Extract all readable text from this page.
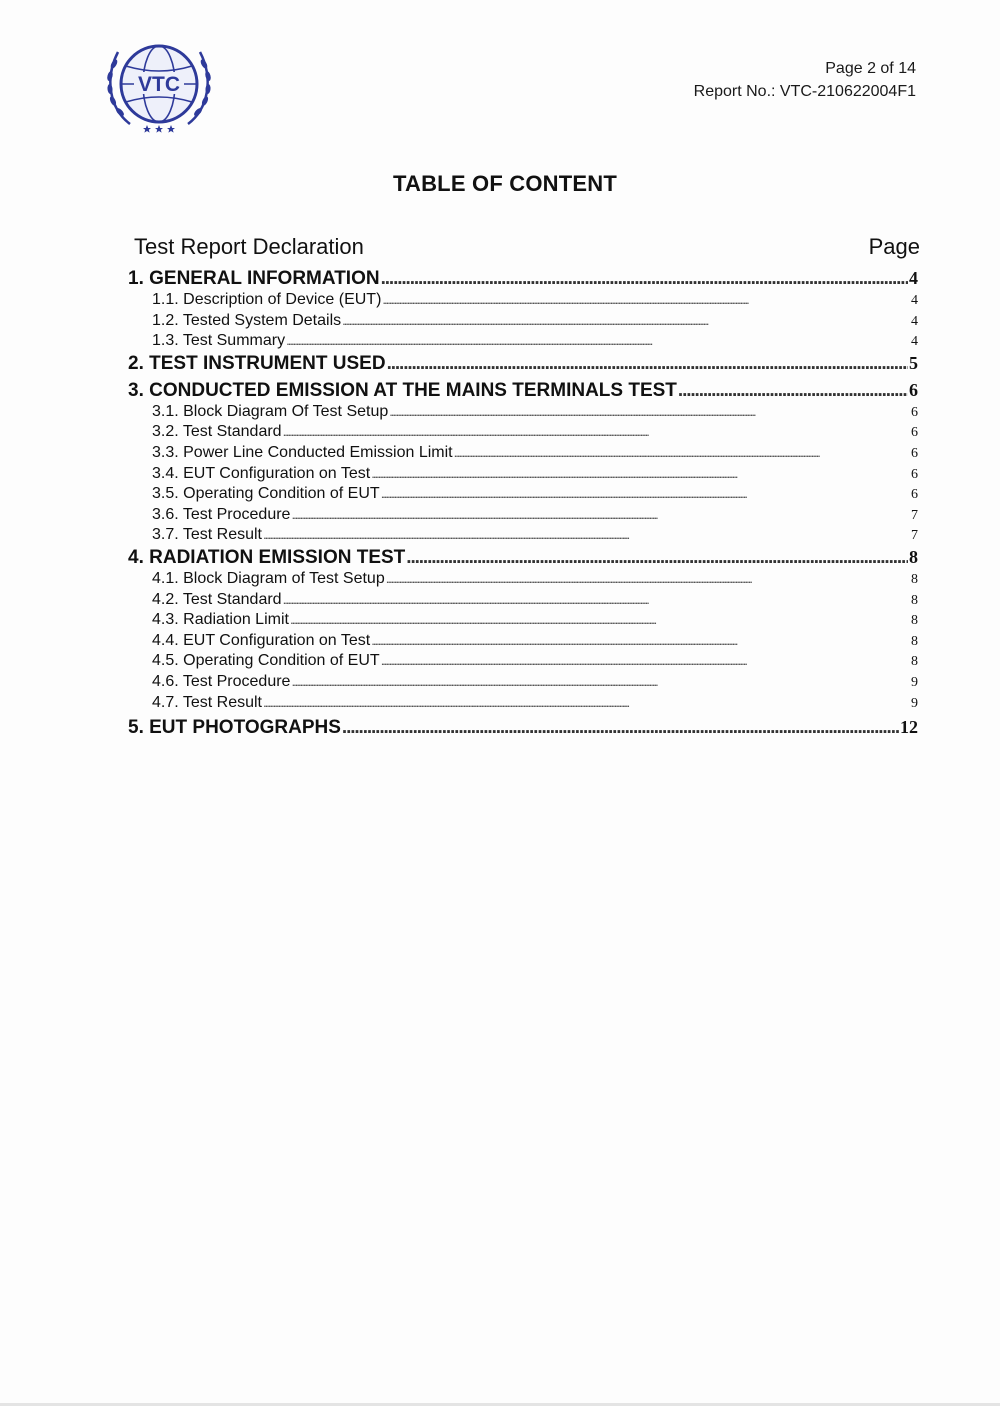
VTC
Page 2 of 14
Report No.: VTC-210622004F1
TABLE OF CONTENT
Test Report Declaration	Page
1. GENERAL INFORMATION . . .	4
1.1. Description of Device (EUT) . . .	4
1.2. Tested System Details . . .	4
1.3. Test Summary . . .	4
2. TEST INSTRUMENT USED . . .	5
3. CONDUCTED EMISSION AT THE MAINS TERMINALS TEST . . .	6
3.1. Block Diagram Of Test Setup . . .	6
3.2. Test Standard . . .	6
3.3. Power Line Conducted Emission Limit . . .	6
3.4. EUT Configuration on Test . . .	6
3.5. Operating Condition of EUT . . .	6
3.6. Test Procedure . . .	7
3.7. Test Result . . .	7
4. RADIATION EMISSION TEST . . .	8
4.1. Block Diagram of Test Setup . . .	8
4.2. Test Standard . . .	8
4.3. Radiation Limit . . .	8
4.4. EUT Configuration on Test . . .	8
4.5. Operating Condition of EUT . . .	8
4.6. Test Procedure . . .	9
4.7. Test Result . . .	9
5. EUT PHOTOGRAPHS . . .	12
